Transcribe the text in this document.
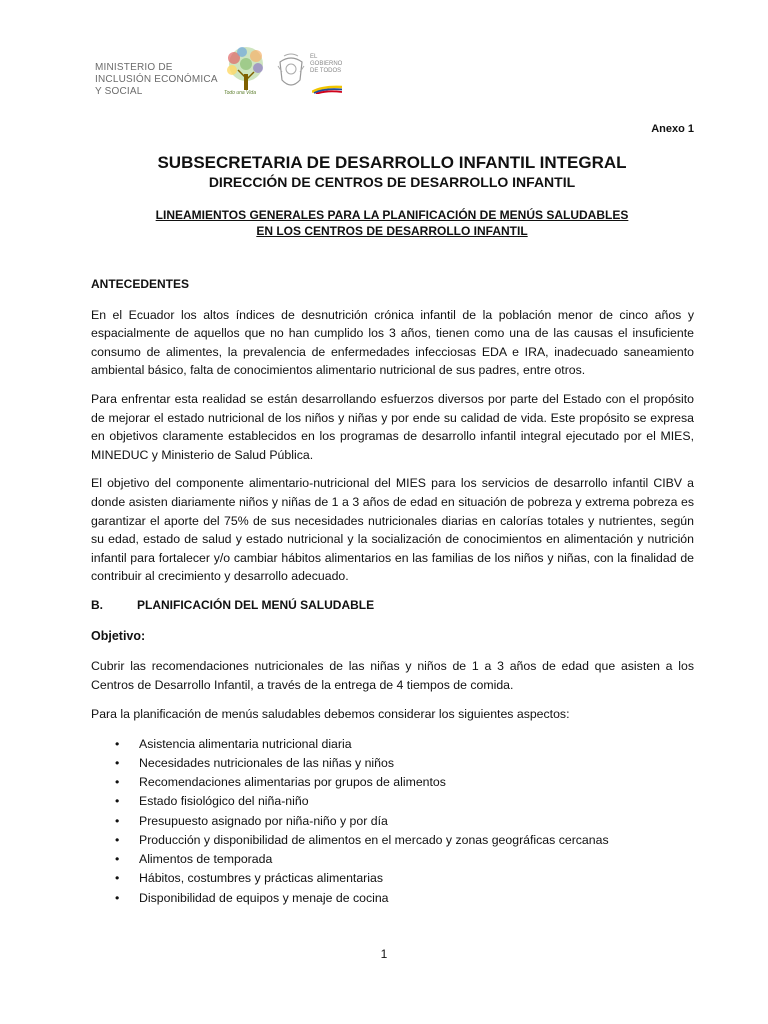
MINISTERIO DE INCLUSIÓN ECONÓMICA Y SOCIAL	Todo una Vida
EL GOBIERNO DE TODOS
Anexo 1
SUBSECRETARIA DE DESARROLLO INFANTIL INTEGRAL
DIRECCIÓN DE CENTROS DE DESARROLLO INFANTIL
LINEAMIENTOS GENERALES PARA LA PLANIFICACIÓN DE MENÚS SALUDABLES
EN LOS CENTROS DE DESARROLLO INFANTIL
ANTECEDENTES

En el Ecuador los altos índices de desnutrición crónica infantil de la población menor de cinco años y espacialmente de aquellos que no han cumplido los 3 años, tienen como una de las causas el insuficiente consumo de alimentes, la prevalencia de enfermedades infecciosas EDA e IRA, inadecuado saneamiento ambiental básico, falta de conocimientos alimentario nutricional de sus padres, entre otros.

Para enfrentar esta realidad se están desarrollando esfuerzos diversos por parte del Estado con el propósito de mejorar el estado nutricional de los niños y niñas y por ende su calidad de vida. Este propósito se expresa en objetivos claramente establecidos en los programas de desarrollo infantil integral ejecutado por el MIES, MINEDUC y Ministerio de Salud Pública.

El objetivo del componente alimentario-nutricional del MIES para los servicios de desarrollo infantil CIBV a donde asisten diariamente niños y niñas de 1 a 3 años de edad en situación de pobreza y extrema pobreza es garantizar el aporte del 75% de sus necesidades nutricionales diarias en calorías totales y nutrientes, según su edad, estado de salud y estado nutricional y la socialización de conocimientos en alimentación y nutrición infantil para fortalecer y/o cambiar hábitos alimentarios en las familias de los niños y niñas, con la finalidad de contribuir al crecimiento y desarrollo adecuado.

B.	PLANIFICACIÓN DEL MENÚ SALUDABLE
Objetivo:

Cubrir las recomendaciones nutricionales de las niñas y niños de 1 a 3 años de edad que asisten a los Centros de Desarrollo Infantil, a través de la entrega de 4 tiempos de comida.

Para la planificación de menús saludables debemos considerar los siguientes aspectos:

• Asistencia alimentaria nutricional diaria
• Necesidades nutricionales de las niñas y niños
• Recomendaciones alimentarias por grupos de alimentos
• Estado fisiológico del niña-niño
• Presupuesto asignado por niña-niño y por día
• Producción y disponibilidad de alimentos en el mercado y zonas geográficas cercanas
• Alimentos de temporada
• Hábitos, costumbres y prácticas alimentarias
• Disponibilidad de equipos y menaje de cocina
1
